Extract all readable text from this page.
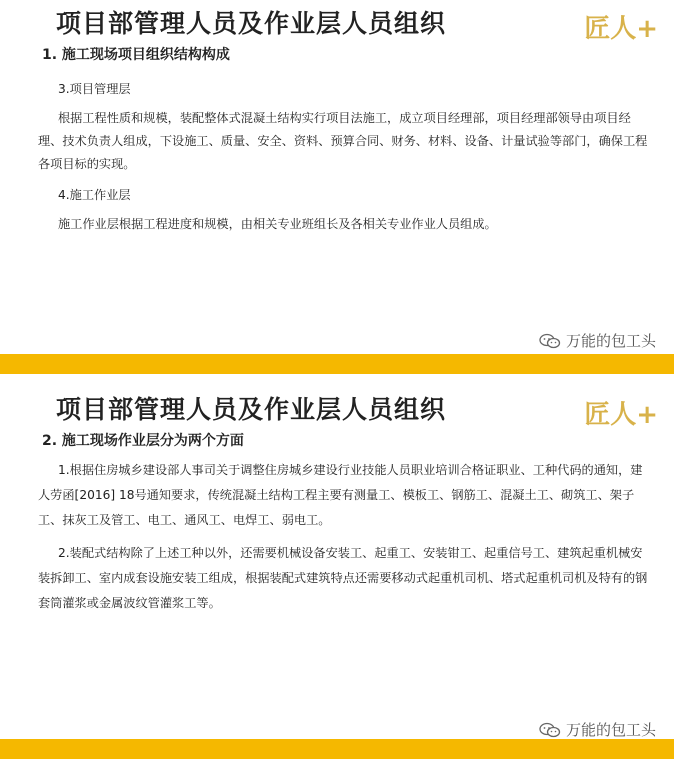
项目部管理人员及作业层人员组织	匠人+
1. 施工现场项目组织结构构成

3.项目管理层

根据工程性质和规模，装配整体式混凝土结构实行项目法施工，成立项目经理部，项目经理部领导由项目经理、技术负责人组成，下设施工、质量、安全、资料、预算合同、财务、材料、设备、计量试验等部门，确保工程各项目标的实现。

4.施工作业层

施工作业层根据工程进度和规模，由相关专业班组长及各相关专业作业人员组成。

万能的包工头
项目部管理人员及作业层人员组织	匠人+
2. 施工现场作业层分为两个方面

1.根据住房城乡建设部人事司关于调整住房城乡建设行业技能人员职业培训合格证职业、工种代码的通知，建人劳函[2016] 18号通知要求，传统混凝土结构工程主要有测量工、模板工、钢筋工、混凝土工、砌筑工、架子工、抹灰工及管工、电工、通风工、电焊工、弱电工。

2.装配式结构除了上述工种以外，还需要机械设备安装工、起重工、安装钳工、起重信号工、建筑起重机械安装拆卸工、室内成套设施安装工组成，根据装配式建筑特点还需要移动式起重机司机、塔式起重机司机及特有的钢套筒灌浆或金属波纹管灌浆工等。

万能的包工头
